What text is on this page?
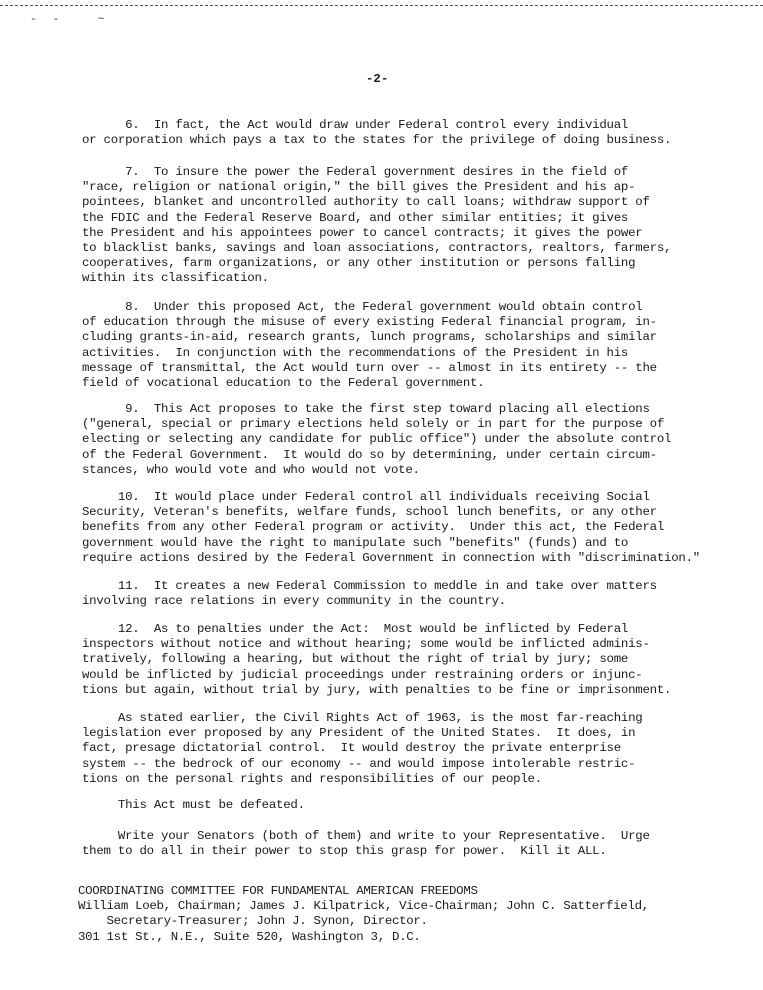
-- ~
-2-
6.  In fact, the Act would draw under Federal control every individual
or corporation which pays a tax to the states for the privilege of doing business.
7.  To insure the power the Federal government desires in the field of
"race, religion or national origin," the bill gives the President and his ap-
pointees, blanket and uncontrolled authority to call loans; withdraw support of
the FDIC and the Federal Reserve Board, and other similar entities; it gives
the President and his appointees power to cancel contracts; it gives the power
to blacklist banks, savings and loan associations, contractors, realtors, farmers,
cooperatives, farm organizations, or any other institution or persons falling
within its classification.
8.  Under this proposed Act, the Federal government would obtain control
of education through the misuse of every existing Federal financial program, in-
cluding grants-in-aid, research grants, lunch programs, scholarships and similar
activities.  In conjunction with the recommendations of the President in his
message of transmittal, the Act would turn over -- almost in its entirety -- the
field of vocational education to the Federal government.
9.  This Act proposes to take the first step toward placing all elections
("general, special or primary elections held solely or in part for the purpose of
electing or selecting any candidate for public office") under the absolute control
of the Federal Government.  It would do so by determining, under certain circum-
stances, who would vote and who would not vote.
10.  It would place under Federal control all individuals receiving Social
Security, Veteran's benefits, welfare funds, school lunch benefits, or any other
benefits from any other Federal program or activity.  Under this act, the Federal
government would have the right to manipulate such "benefits" (funds) and to
require actions desired by the Federal Government in connection with "discrimination."
11.  It creates a new Federal Commission to meddle in and take over matters
involving race relations in every community in the country.
12.  As to penalties under the Act:  Most would be inflicted by Federal
inspectors without notice and without hearing; some would be inflicted adminis-
tratively, following a hearing, but without the right of trial by jury; some
would be inflicted by judicial proceedings under restraining orders or injunc-
tions but again, without trial by jury, with penalties to be fine or imprisonment.
As stated earlier, the Civil Rights Act of 1963, is the most far-reaching
legislation ever proposed by any President of the United States.  It does, in
fact, presage dictatorial control.  It would destroy the private enterprise
system -- the bedrock of our economy -- and would impose intolerable restric-
tions on the personal rights and responsibilities of our people.
This Act must be defeated.
Write your Senators (both of them) and write to your Representative.  Urge
them to do all in their power to stop this grasp for power.  Kill it ALL.
COORDINATING COMMITTEE FOR FUNDAMENTAL AMERICAN FREEDOMS
William Loeb, Chairman; James J. Kilpatrick, Vice-Chairman; John C. Satterfield,
Secretary-Treasurer; John J. Synon, Director.
301 1st St., N.E., Suite 520, Washington 3, D.C.
